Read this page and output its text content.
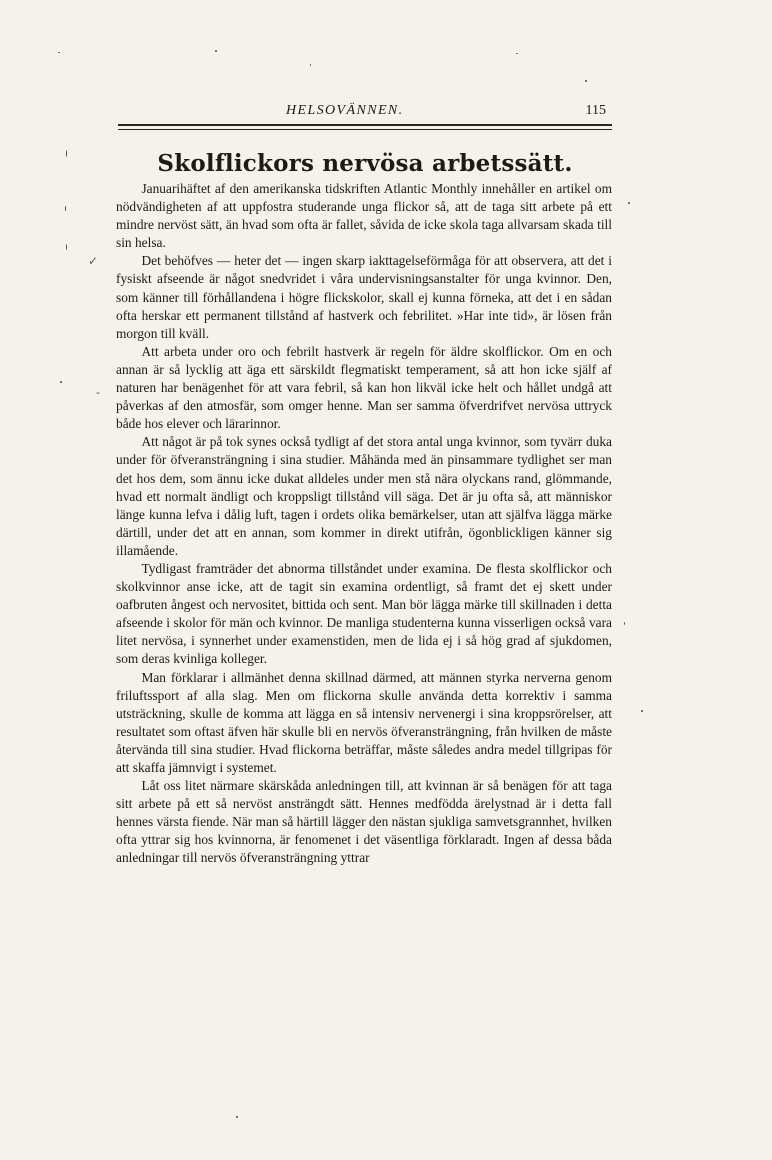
HELSOVÄNNEN.	115
Skolflickors nervösa arbetssätt.

Januarihäftet af den amerikanska tidskriften Atlantic Monthly innehåller en artikel om nödvändigheten af att uppfostra studerande unga flickor så, att de taga sitt arbete på ett mindre nervöst sätt, än hvad som ofta är fallet, såvida de icke skola taga allvarsam skada till sin helsa.

Det behöfves — heter det — ingen skarp iakttagelseförmåga för att observera, att det i fysiskt afseende är något snedvridet i våra undervisningsanstalter för unga kvinnor. Den, som känner till förhållandena i högre flickskolor, skall ej kunna förneka, att det i en sådan ofta herskar ett permanent tillstånd af hastverk och febrilitet. »Har inte tid», är lösen från morgon till kväll.

Att arbeta under oro och febrilt hastverk är regeln för äldre skolflickor. Om en och annan är så lycklig att äga ett särskildt flegmatiskt temperament, så att hon icke själf af naturen har benägenhet för att vara febril, så kan hon likväl icke helt och hållet undgå att påverkas af den atmosfär, som omger henne. Man ser samma öfverdrifvet nervösa uttryck både hos elever och lärarinnor.

Att något är på tok synes också tydligt af det stora antal unga kvinnor, som tyvärr duka under för öfveransträngning i sina studier. Måhända med än pinsammare tydlighet ser man det hos dem, som ännu icke dukat alldeles under men stå nära olyckans rand, glömmande, hvad ett normalt ändligt och kroppsligt tillstånd vill säga. Det är ju ofta så, att människor länge kunna lefva i dålig luft, tagen i ordets olika bemärkelser, utan att själfva lägga märke därtill, under det att en annan, som kommer in direkt utifrån, ögonblickligen känner sig illamående.

Tydligast framträder det abnorma tillståndet under examina. De flesta skolflickor och skolkvinnor anse icke, att de tagit sin examina ordentligt, så framt det ej skett under oafbruten ångest och nervositet, bittida och sent. Man bör lägga märke till skillnaden i detta afseende i skolor för män och kvinnor. De manliga studenterna kunna visserligen också vara litet nervösa, i synnerhet under examenstiden, men de lida ej i så hög grad af sjukdomen, som deras kvinliga kolleger.

Man förklarar i allmänhet denna skillnad därmed, att männen styrka nerverna genom friluftssport af alla slag. Men om flickorna skulle använda detta korrektiv i samma utsträckning, skulle de komma att lägga en så intensiv nervenergi i sina kroppsrörelser, att resultatet som oftast äfven här skulle bli en nervös öfveransträngning, från hvilken de måste återvända till sina studier. Hvad flickorna beträffar, måste således andra medel tillgripas för att skaffa jämnvigt i systemet.

Låt oss litet närmare skärskåda anledningen till, att kvinnan är så benägen för att taga sitt arbete på ett så nervöst ansträngdt sätt. Hennes medfödda ärelystnad är i detta fall hennes värsta fiende. När man så härtill lägger den nästan sjukliga samvetsgrannhet, hvilken ofta yttrar sig hos kvinnorna, är fenomenet i det väsentliga förklaradt. Ingen af dessa båda anledningar till nervös öfveransträngning yttrar

✓
-
